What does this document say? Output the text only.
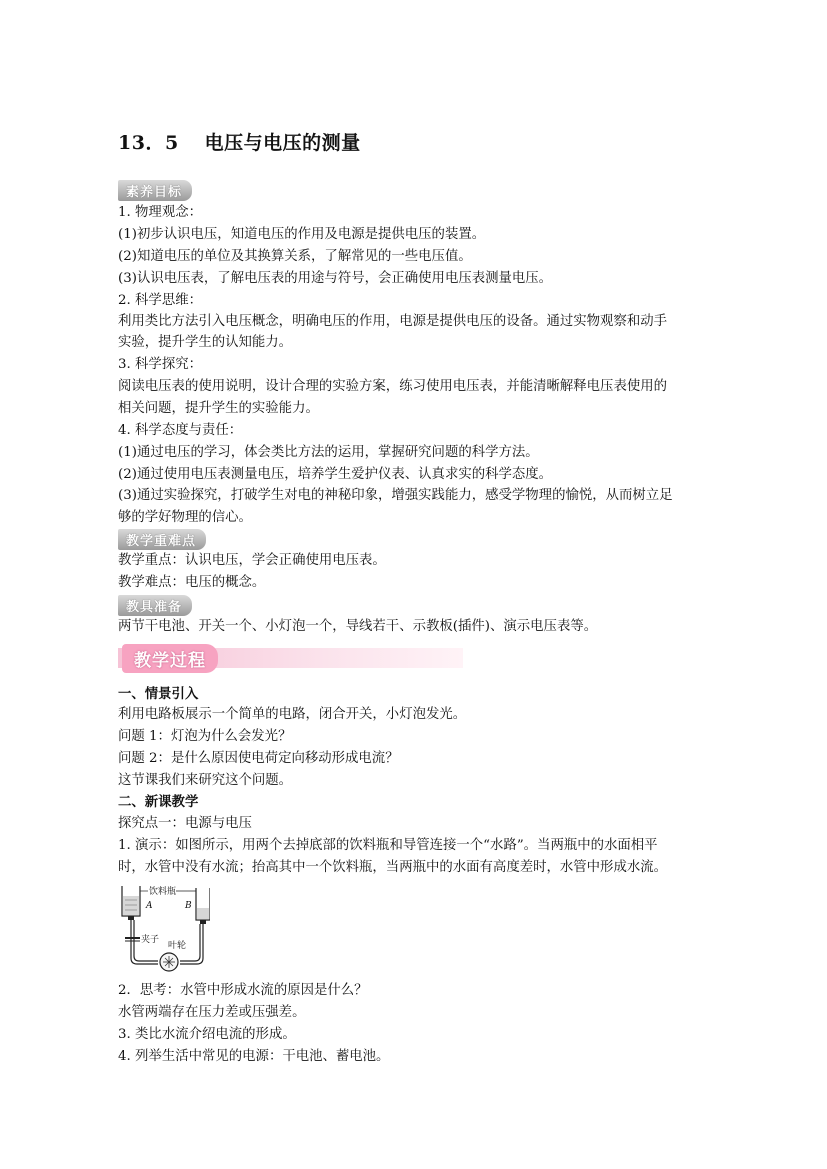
13．5 电压与电压的测量
素养目标
1. 物理观念：
(1)初步认识电压，知道电压的作用及电源是提供电压的装置。
(2)知道电压的单位及其换算关系，了解常见的一些电压值。
(3)认识电压表，了解电压表的用途与符号，会正确使用电压表测量电压。
2. 科学思维：
利用类比方法引入电压概念，明确电压的作用，电源是提供电压的设备。通过实物观察和动手
实验，提升学生的认知能力。
3. 科学探究：
阅读电压表的使用说明，设计合理的实验方案，练习使用电压表，并能清晰解释电压表使用的
相关问题，提升学生的实验能力。
4. 科学态度与责任：
(1)通过电压的学习，体会类比方法的运用，掌握研究问题的科学方法。
(2)通过使用电压表测量电压，培养学生爱护仪表、认真求实的科学态度。
(3)通过实验探究，打破学生对电的神秘印象，增强实践能力，感受学物理的愉悦，从而树立足
够的学好物理的信心。
教学重难点
教学重点：认识电压，学会正确使用电压表。
教学难点：电压的概念。
教具准备
两节干电池、开关一个、小灯泡一个，导线若干、示教板(插件)、演示电压表等。
教学过程
一、情景引入
利用电路板展示一个简单的电路，闭合开关，小灯泡发光。
问题 1：灯泡为什么会发光？
问题 2：是什么原因使电荷定向移动形成电流？
这节课我们来研究这个问题。
二、新课教学
探究点一：电源与电压
1. 演示：如图所示，用两个去掉底部的饮料瓶和导管连接一个“水路”。当两瓶中的水面相平
时，水管中没有水流；抬高其中一个饮料瓶，当两瓶中的水面有高度差时，水管中形成水流。
饮料瓶
A	B
夹子
叶轮
2．思考：水管中形成水流的原因是什么？
水管两端存在压力差或压强差。
3. 类比水流介绍电流的形成。
4. 列举生活中常见的电源：干电池、蓄电池。
